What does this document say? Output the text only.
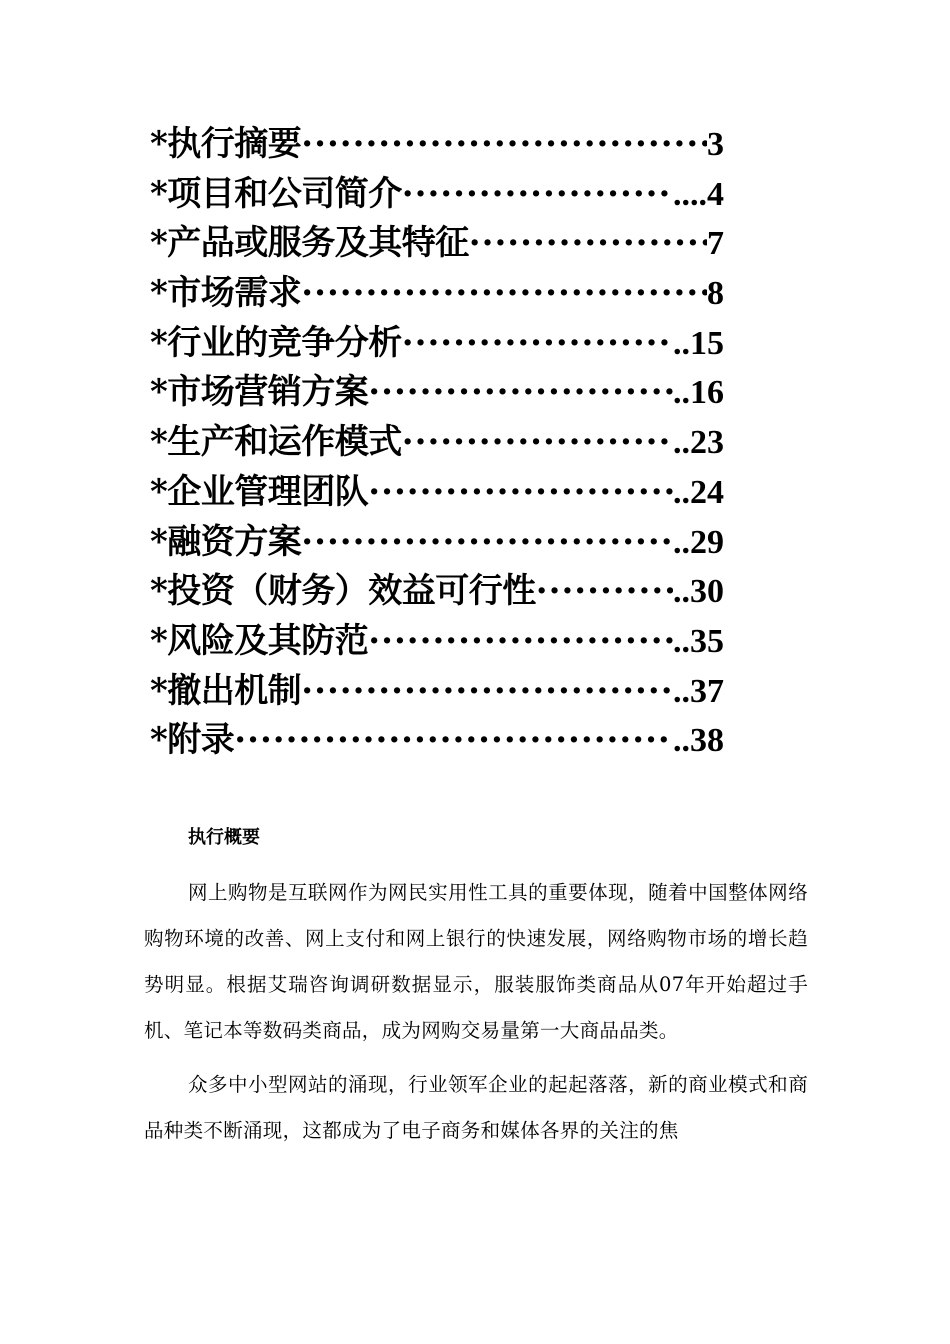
*执行摘要 ·····	3
*项目和公司简介 ·····	....4
*产品或服务及其特征 ·····	7
*市场需求 ·····	8
*行业的竞争分析 ·····	..15
*市场营销方案 ·····	..16
*生产和运作模式 ·····	..23
*企业管理团队 ·····	..24
*融资方案 ·····	..29
*投资（财务）效益可行性 ·····	..30
*风险及其防范 ·····	..35
*撤出机制 ·····	..37
*附录 ·····	..38
执行概要

网上购物是互联网作为网民实用性工具的重要体现，随着中国整体网络购物环境的改善、网上支付和网上银行的快速发展，网络购物市场的增长趋势明显。根据艾瑞咨询调研数据显示，服装服饰类商品从07年开始超过手机、笔记本等数码类商品，成为网购交易量第一大商品品类。

众多中小型网站的涌现，行业领军企业的起起落落，新的商业模式和商品种类不断涌现，这都成为了电子商务和媒体各界的关注的焦
